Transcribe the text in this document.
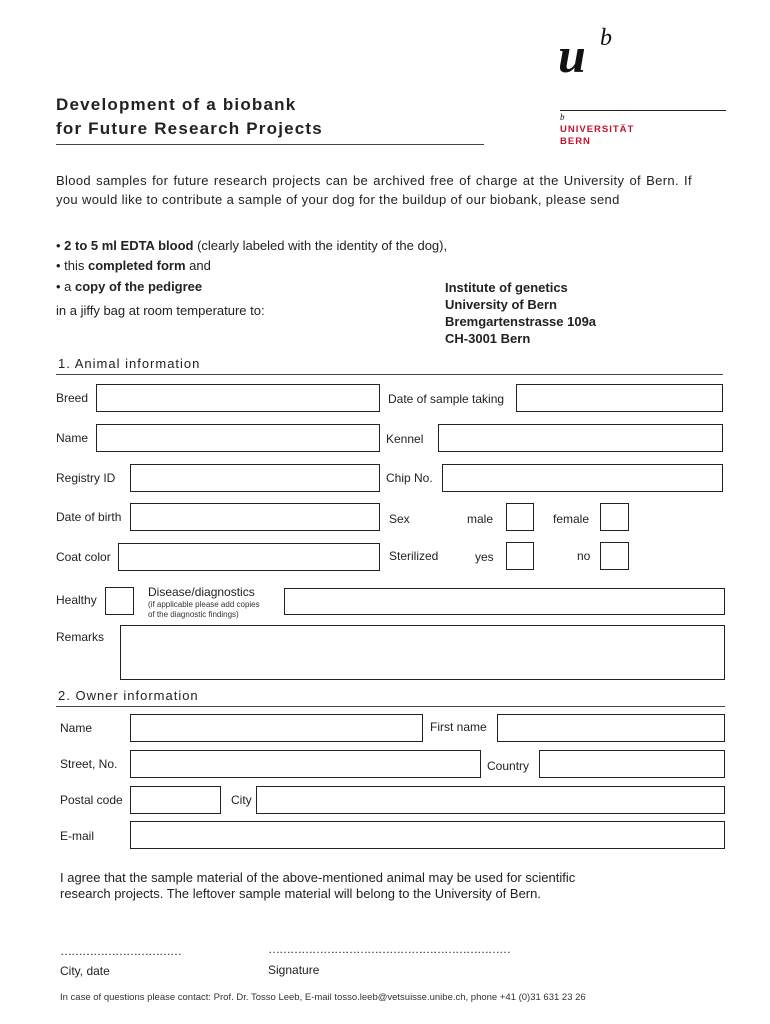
u b
b
UNIVERSITÄT
BERN
Development of a biobank
for Future Research Projects
Blood samples for future research projects can be archived free of charge at the University of Bern. If you would like to contribute a sample of your dog for the buildup of our biobank, please send
• 2 to 5 ml EDTA blood (clearly labeled with the identity of the dog),
• this completed form and
• a copy of the pedigree
in a jiffy bag at room temperature to:
Institute of genetics
University of Bern
Bremgartenstrasse 109a
CH-3001 Bern
1. Animal information
Breed	Date of sample taking
Name	Kennel
Registry ID	Chip No.
Date of birth	Sex	male	female
Coat color	Sterilized	yes	no
Healthy
Disease/diagnostics
(if applicable please add copies
of the diagnostic findings)
Remarks
2. Owner information
Name	First name
Street, No.	Country
Postal code	City
E-mail
I agree that the sample material of the above-mentioned animal may be used for scientific
research projects. The leftover sample material will belong to the University of Bern.
……………………………	…………………………………………………………
City, date	Signature
In case of questions please contact: Prof. Dr. Tosso Leeb, E-mail tosso.leeb@vetsuisse.unibe.ch, phone +41 (0)31 631 23 26
